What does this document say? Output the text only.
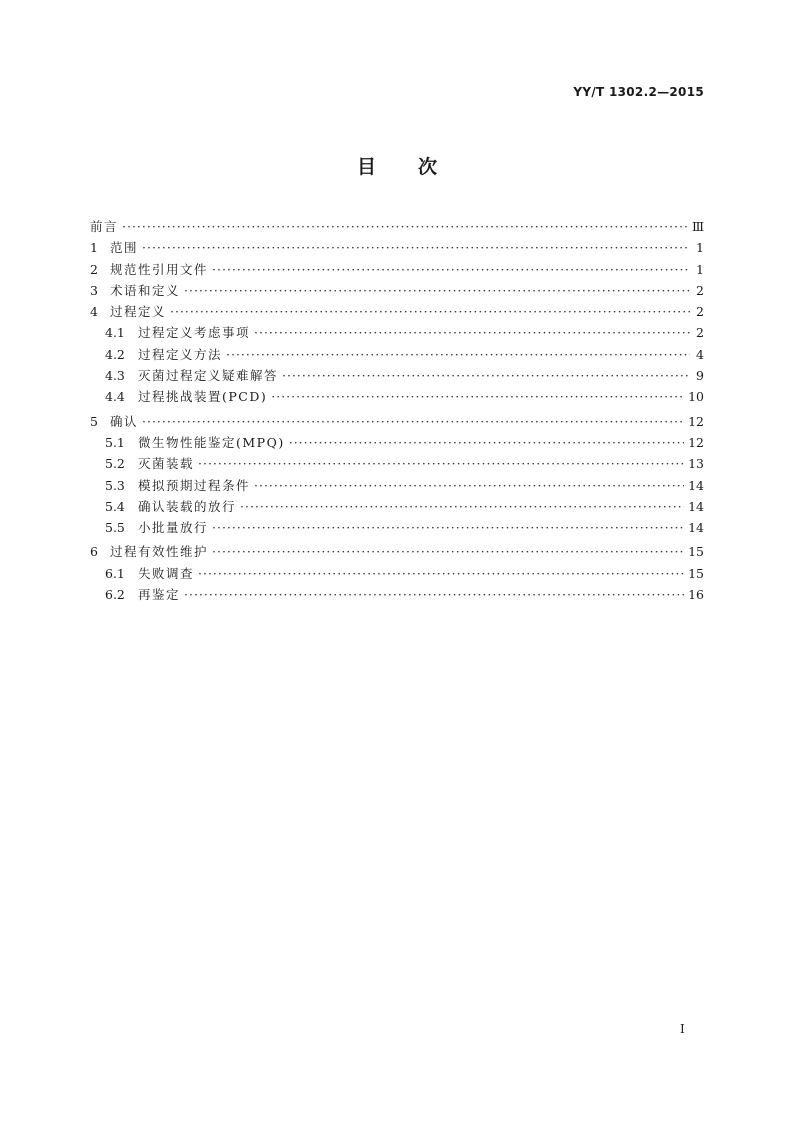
YY/T 1302.2—2015
目 次
前言 ·····	Ⅲ
1 范围 ·····	1
2 规范性引用文件 ·····	1
3 术语和定义 ·····	2
4 过程定义 ·····	2
4.1	过程定义考虑事项 ·····	2
4.2	过程定义方法 ·····	4
4.3	灭菌过程定义疑难解答 ·····	9
4.4	过程挑战装置(PCD) ·····	10
5 确认 ·····	12
5.1	微生物性能鉴定(MPQ) ·····	12
5.2	灭菌装载 ·····	13
5.3	模拟预期过程条件 ·····	14
5.4	确认装载的放行 ·····	14
5.5	小批量放行 ·····	14
6 过程有效性维护 ·····	15
6.1	失败调查 ·····	15
6.2	再鉴定 ·····	16
I
